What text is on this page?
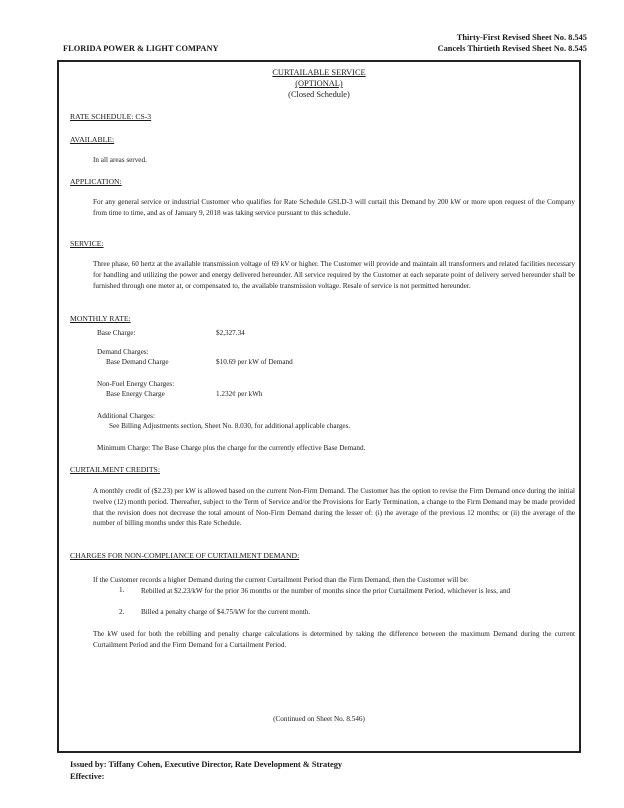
Thirty-First Revised Sheet No. 8.545
Cancels Thirtieth Revised Sheet No. 8.545
FLORIDA POWER & LIGHT COMPANY
CURTAILABLE SERVICE
(OPTIONAL)
(Closed Schedule)
RATE SCHEDULE: CS-3
AVAILABLE:
In all areas served.
APPLICATION:
For any general service or industrial Customer who qualifies for Rate Schedule GSLD-3 will curtail this Demand by 200 kW or more upon request of the Company from time to time, and as of January 9, 2018 was taking service pursuant to this schedule.
SERVICE:
Three phase, 60 hertz at the available transmission voltage of 69 kV or higher. The Customer will provide and maintain all transformers and related facilities necessary for handling and utilizing the power and energy delivered hereunder. All service required by the Customer at each separate point of delivery served hereunder shall be furnished through one meter at, or compensated to, the available transmission voltage. Resale of service is not permitted hereunder.
MONTHLY RATE:
Base Charge:	$2,327.34
Demand Charges:
Base Demand Charge	$10.69 per kW of Demand
Non-Fuel Energy Charges:
Base Energy Charge	1.232¢ per kWh
Additional Charges:
See Billing Adjustments section, Sheet No. 8.030, for additional applicable charges.
Minimum Charge: The Base Charge plus the charge for the currently effective Base Demand.
CURTAILMENT CREDITS:
A monthly credit of ($2.23) per kW is allowed based on the current Non-Firm Demand. The Customer has the option to revise the Firm Demand once during the initial twelve (12) month period. Thereafter, subject to the Term of Service and/or the Provisions for Early Termination, a change to the Firm Demand may be made provided that the revision does not decrease the total amount of Non-Firm Demand during the lesser of: (i) the average of the previous 12 months; or (ii) the average of the number of billing months under this Rate Schedule.
CHARGES FOR NON-COMPLIANCE OF CURTAILMENT DEMAND:
If the Customer records a higher Demand during the current Curtailment Period than the Firm Demand, then the Customer will be:
1. Rebilled at $2.23/kW for the prior 36 months or the number of months since the prior Curtailment Period, whichever is less, and
2. Billed a penalty charge of $4.75/kW for the current month.
The kW used for both the rebilling and penalty charge calculations is determined by taking the difference between the maximum Demand during the current Curtailment Period and the Firm Demand for a Curtailment Period.
(Continued on Sheet No. 8.546)
Issued by: Tiffany Cohen, Executive Director, Rate Development & Strategy
Effective:
